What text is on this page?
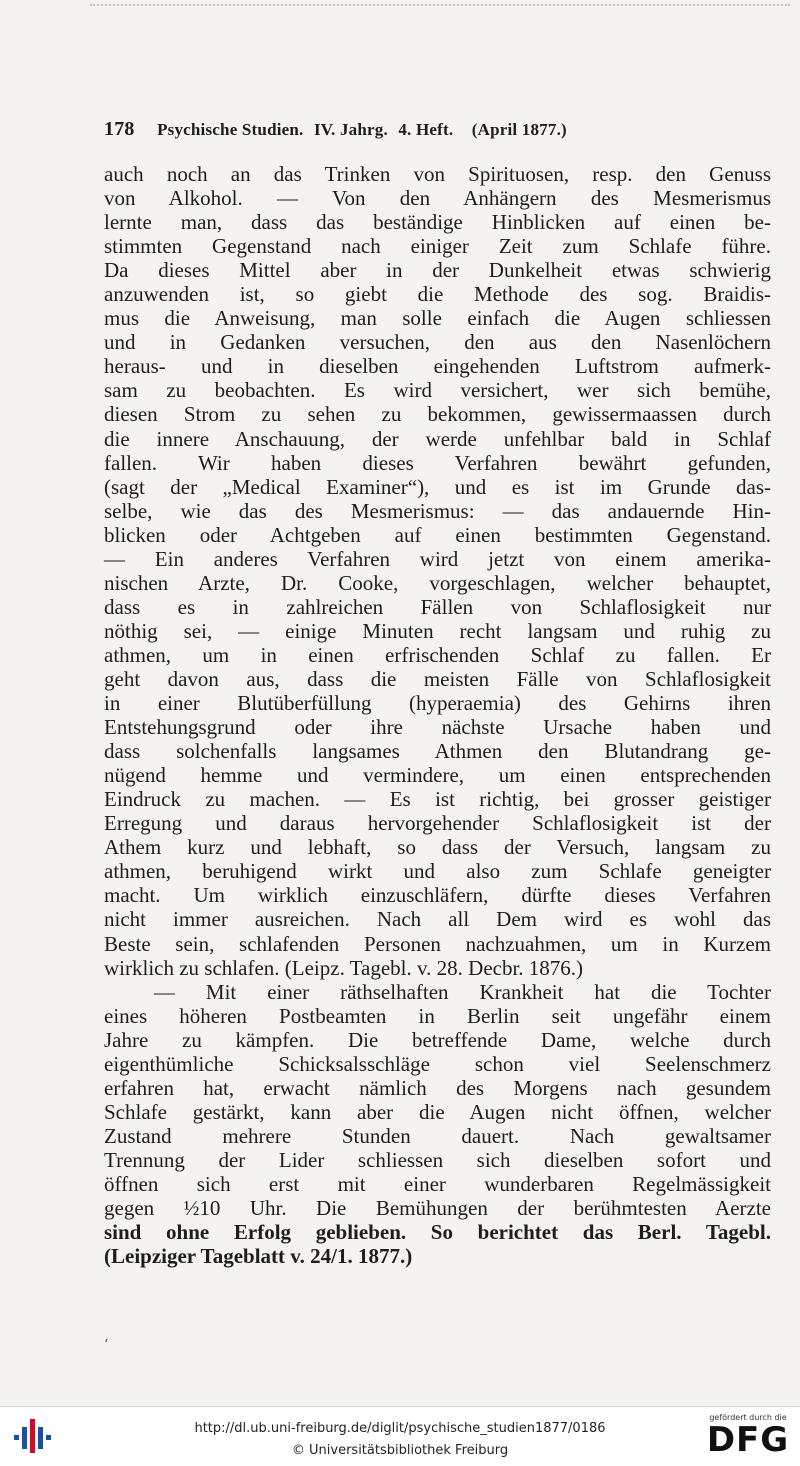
178 Psychische Studien. IV. Jahrg. 4. Heft. (April 1877.)
auch noch an das Trinken von Spirituosen, resp. den Genuss
von Alkohol. — Von den Anhängern des Mesmerismus
lernte man, dass das beständige Hinblicken auf einen be-
stimmten Gegenstand nach einiger Zeit zum Schlafe führe.
Da dieses Mittel aber in der Dunkelheit etwas schwierig
anzuwenden ist, so giebt die Methode des sog. Braidis-
mus die Anweisung, man solle einfach die Augen schliessen
und in Gedanken versuchen, den aus den Nasenlöchern
heraus- und in dieselben eingehenden Luftstrom aufmerk-
sam zu beobachten. Es wird versichert, wer sich bemühe,
diesen Strom zu sehen zu bekommen, gewissermaassen durch
die innere Anschauung, der werde unfehlbar bald in Schlaf
fallen. Wir haben dieses Verfahren bewährt gefunden,
(sagt der „Medical Examiner“), und es ist im Grunde das-
selbe, wie das des Mesmerismus: — das andauernde Hin-
blicken oder Achtgeben auf einen bestimmten Gegenstand.
— Ein anderes Verfahren wird jetzt von einem amerika-
nischen Arzte, Dr. Cooke, vorgeschlagen, welcher behauptet,
dass es in zahlreichen Fällen von Schlaflosigkeit nur
nöthig sei, — einige Minuten recht langsam und ruhig zu
athmen, um in einen erfrischenden Schlaf zu fallen. Er
geht davon aus, dass die meisten Fälle von Schlaflosigkeit
in einer Blutüberfüllung (hyperaemia) des Gehirns ihren
Entstehungsgrund oder ihre nächste Ursache haben und
dass solchenfalls langsames Athmen den Blutandrang ge-
nügend hemme und vermindere, um einen entsprechenden
Eindruck zu machen. — Es ist richtig, bei grosser geistiger
Erregung und daraus hervorgehender Schlaflosigkeit ist der
Athem kurz und lebhaft, so dass der Versuch, langsam zu
athmen, beruhigend wirkt und also zum Schlafe geneigter
macht. Um wirklich einzuschläfern, dürfte dieses Verfahren
nicht immer ausreichen. Nach all Dem wird es wohl das
Beste sein, schlafenden Personen nachzuahmen, um in Kurzem
wirklich zu schlafen. (Leipz. Tagebl. v. 28. Decbr. 1876.)
— Mit einer räthselhaften Krankheit hat die Tochter
eines höheren Postbeamten in Berlin seit ungefähr einem
Jahre zu kämpfen. Die betreffende Dame, welche durch
eigenthümliche Schicksalsschläge schon viel Seelenschmerz
erfahren hat, erwacht nämlich des Morgens nach gesundem
Schlafe gestärkt, kann aber die Augen nicht öffnen, welcher
Zustand mehrere Stunden dauert. Nach gewaltsamer
Trennung der Lider schliessen sich dieselben sofort und
öffnen sich erst mit einer wunderbaren Regelmässigkeit
gegen ½10 Uhr. Die Bemühungen der berühmtesten Aerzte
sind ohne Erfolg geblieben. So berichtet das Berl. Tagebl.
(Leipziger Tageblatt v. 24/1. 1877.)
ʻ
http://dl.ub.uni-freiburg.de/diglit/psychische_studien1877/0186
© Universitätsbibliothek Freiburg
gefördert durch die
DFG
